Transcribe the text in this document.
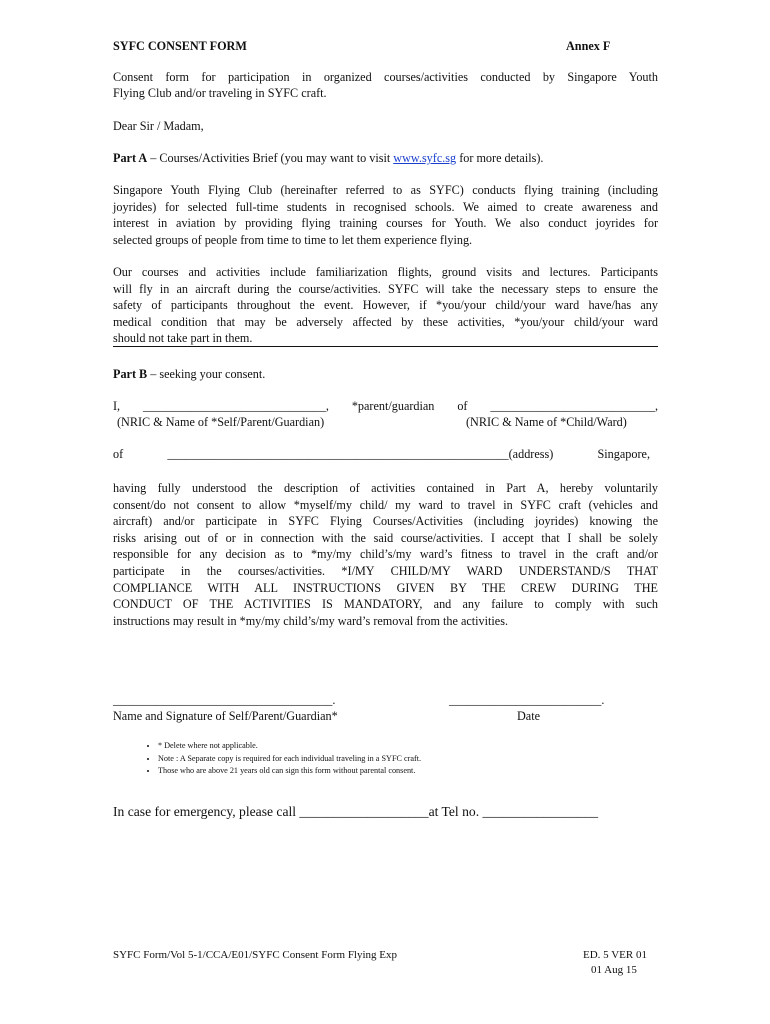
SYFC CONSENT FORM	Annex F
Consent form for participation in organized courses/activities conducted by Singapore Youth
Flying Club and/or traveling in SYFC craft.
Dear Sir / Madam,
Part A – Courses/Activities Brief (you may want to visit www.syfc.sg for more details).
Singapore Youth Flying Club (hereinafter referred to as SYFC) conducts flying training (including
joyrides) for selected full-time students in recognised schools. We aimed to create awareness and
interest in aviation by providing flying training courses for Youth. We also conduct joyrides for
selected groups of people from time to time to let them experience flying.
Our courses and activities include familiarization flights, ground visits and lectures. Participants
will fly in an aircraft during the course/activities. SYFC will take the necessary steps to ensure the
safety of participants throughout the event. However, if *you/your child/your ward have/has any
medical condition that may be adversely affected by these activities, *you/your child/your ward
should not take part in them.
Part B – seeking your consent.
I, ______________________________, *parent/guardian of ___________________________,
(NRIC & Name of *Self/Parent/Guardian)	(NRIC & Name of *Child/Ward)
of ________________________________________________________(address) Singapore,
having fully understood the description of activities contained in Part A, hereby voluntarily
consent/do not consent to allow *myself/my child/ my ward to travel in SYFC craft (vehicles and
aircraft) and/or participate in SYFC Flying Courses/Activities (including joyrides) knowing the
risks arising out of or in connection with the said course/activities. I accept that I shall be solely
responsible for any decision as to *my/my child’s/my ward’s fitness to travel in the craft and/or
participate in the courses/activities. *I/MY CHILD/MY WARD UNDERSTAND/S THAT
COMPLIANCE WITH ALL INSTRUCTIONS GIVEN BY THE CREW DURING THE
CONDUCT OF THE ACTIVITIES IS MANDATORY, and any failure to comply with such
instructions may result in *my/my child’s/my ward’s removal from the activities.
____________________________________.	_________________________.
Name and Signature of Self/Parent/Guardian*	Date
• * Delete where not applicable.
• Note : A Separate copy is required for each individual traveling in a SYFC craft.
• Those who are above 21 years old can sign this form without parental consent.
In case for emergency, please call ___________________at Tel no. _________________
SYFC Form/Vol 5-1/CCA/E01/SYFC Consent Form Flying Exp	ED. 5 VER 01
01 Aug 15
